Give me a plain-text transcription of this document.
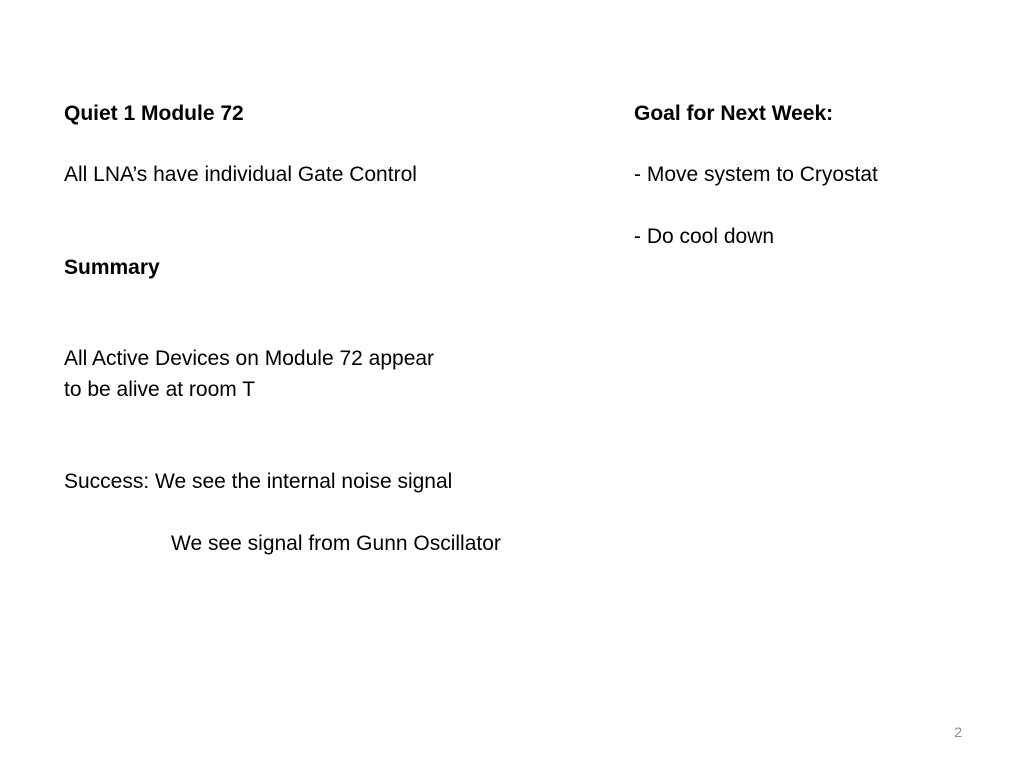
Quiet 1 Module 72

All LNA’s have individual Gate Control

Summary

All Active Devices on Module 72 appear

to be alive at room T

Success: We see the internal noise signal

We see signal from Gunn Oscillator

Goal for Next Week:

- Move system to Cryostat

- Do cool down

2
